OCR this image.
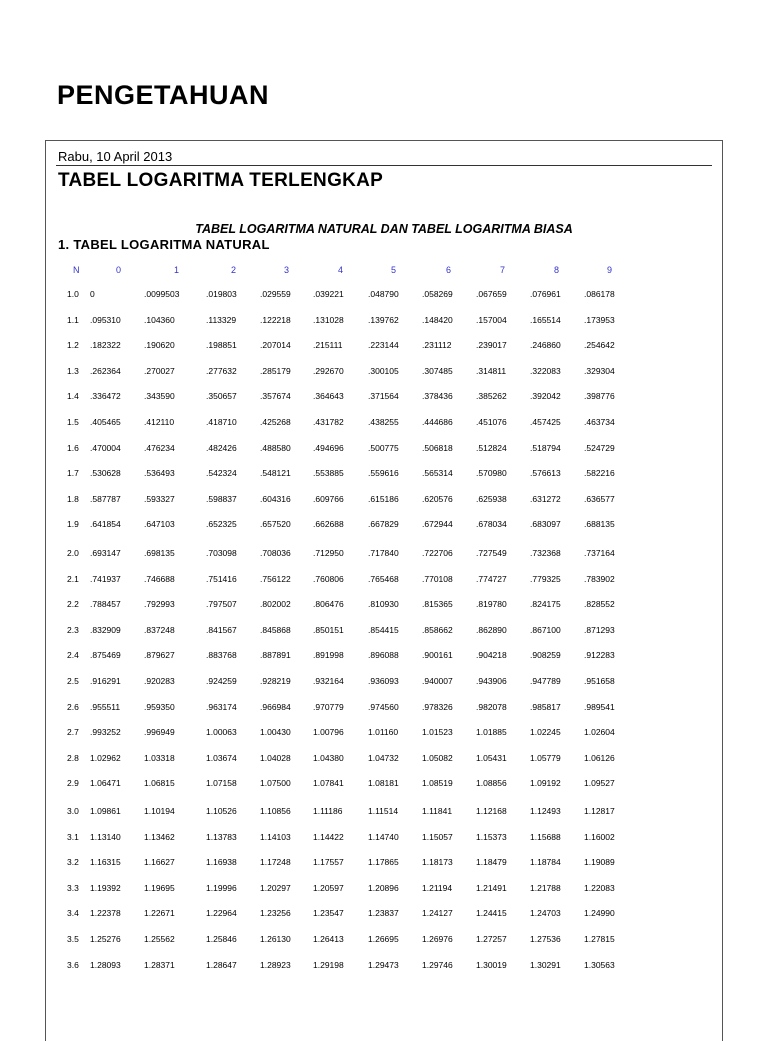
PENGETAHUAN
Rabu, 10 April 2013
TABEL LOGARITMA TERLENGKAP
TABEL LOGARITMA NATURAL DAN TABEL LOGARITMA BIASA
1. TABEL LOGARITMA NATURAL
N	0	1	2	3	4	5	6	7	8	9
1.0 0	.0099503	.019803	.029559	.039221	.048790	.058269	.067659	.076961	.086178
1.1 .095310	.104360	.113329	.122218	.131028	.139762	.148420	.157004	.165514	.173953
1.2 .182322	.190620	.198851	.207014	.215111	.223144	.231112	.239017	.246860	.254642
1.3 .262364	.270027	.277632	.285179	.292670	.300105	.307485	.314811	.322083	.329304
1.4 .336472	.343590	.350657	.357674	.364643	.371564	.378436	.385262	.392042	.398776
1.5 .405465	.412110	.418710	.425268	.431782	.438255	.444686	.451076	.457425	.463734
1.6 .470004	.476234	.482426	.488580	.494696	.500775	.506818	.512824	.518794	.524729
1.7 .530628	.536493	.542324	.548121	.553885	.559616	.565314	.570980	.576613	.582216
1.8 .587787	.593327	.598837	.604316	.609766	.615186	.620576	.625938	.631272	.636577
1.9 .641854	.647103	.652325	.657520	.662688	.667829	.672944	.678034	.683097	.688135
2.0 .693147	.698135	.703098	.708036	.712950	.717840	.722706	.727549	.732368	.737164
2.1 .741937	.746688	.751416	.756122	.760806	.765468	.770108	.774727	.779325	.783902
2.2 .788457	.792993	.797507	.802002	.806476	.810930	.815365	.819780	.824175	.828552
2.3 .832909	.837248	.841567	.845868	.850151	.854415	.858662	.862890	.867100	.871293
2.4 .875469	.879627	.883768	.887891	.891998	.896088	.900161	.904218	.908259	.912283
2.5 .916291	.920283	.924259	.928219	.932164	.936093	.940007	.943906	.947789	.951658
2.6 .955511	.959350	.963174	.966984	.970779	.974560	.978326	.982078	.985817	.989541
2.7 .993252	.996949	1.00063	1.00430	1.00796	1.01160	1.01523	1.01885	1.02245	1.02604
2.8 1.02962	1.03318	1.03674	1.04028	1.04380	1.04732	1.05082	1.05431	1.05779	1.06126
2.9 1.06471	1.06815	1.07158	1.07500	1.07841	1.08181	1.08519	1.08856	1.09192	1.09527
3.0 1.09861	1.10194	1.10526	1.10856	1.11186	1.11514	1.11841	1.12168	1.12493	1.12817
3.1 1.13140	1.13462	1.13783	1.14103	1.14422	1.14740	1.15057	1.15373	1.15688	1.16002
3.2 1.16315	1.16627	1.16938	1.17248	1.17557	1.17865	1.18173	1.18479	1.18784	1.19089
3.3 1.19392	1.19695	1.19996	1.20297	1.20597	1.20896	1.21194	1.21491	1.21788	1.22083
3.4 1.22378	1.22671	1.22964	1.23256	1.23547	1.23837	1.24127	1.24415	1.24703	1.24990
3.5 1.25276	1.25562	1.25846	1.26130	1.26413	1.26695	1.26976	1.27257	1.27536	1.27815
3.6 1.28093	1.28371	1.28647	1.28923	1.29198	1.29473	1.29746	1.30019	1.30291	1.30563
